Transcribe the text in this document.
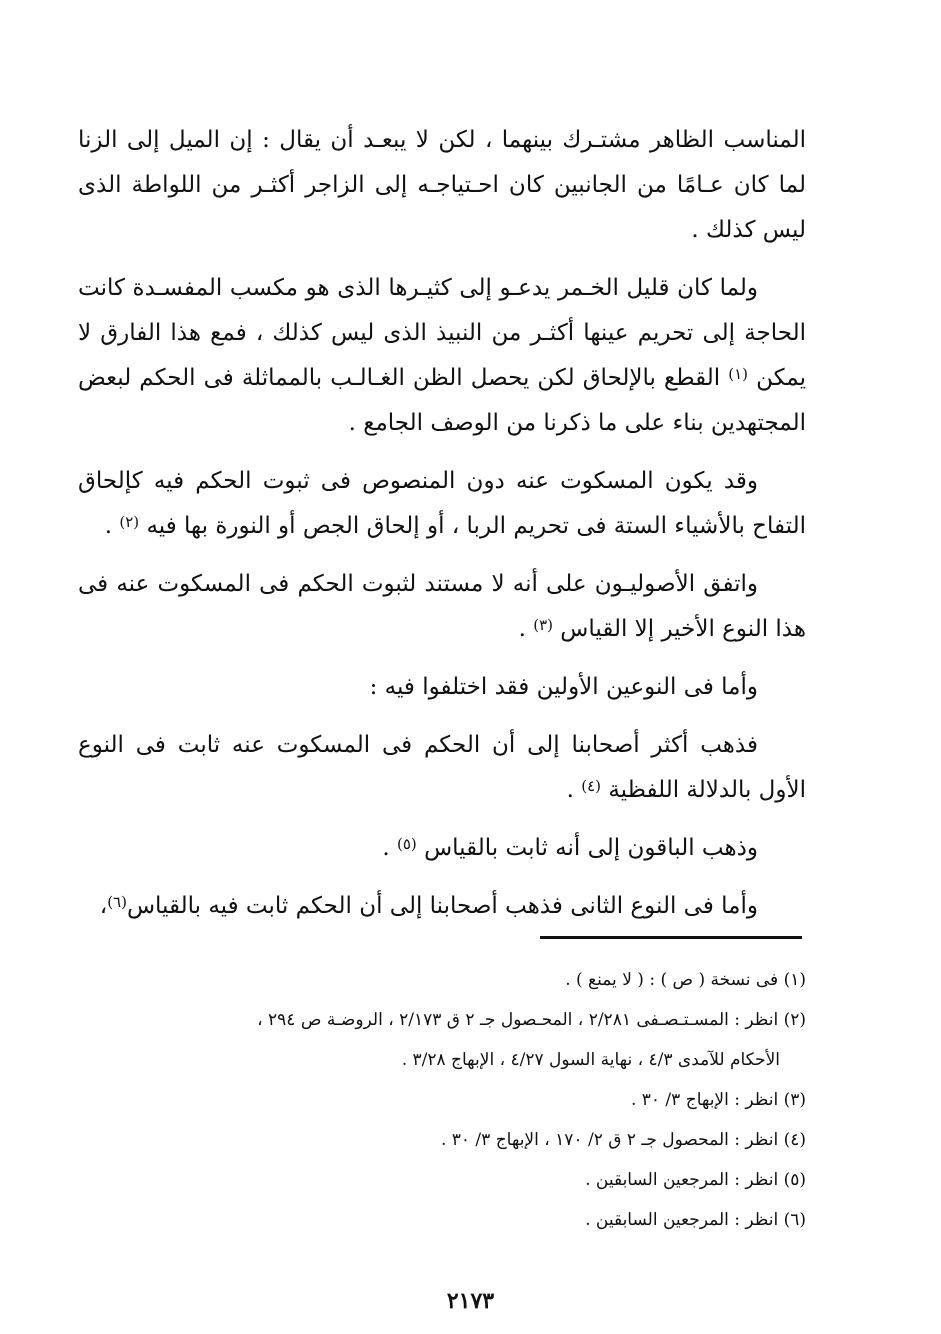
المناسب الظاهر مشتـرك بينهما ، لكن لا يبعـد أن يقال : إن الميل إلى الزنا لما كان عـامًا من الجانبين كان احـتياجـه إلى الزاجر أكثـر من اللواطة الذى ليس كذلك .

ولما كان قليل الخـمر يدعـو إلى كثيـرها الذى هو مكسب المفسـدة كانت الحاجة إلى تحريم عينها أكثـر من النبيذ الذى ليس كذلك ، فمع هذا الفارق لا يمكن $^{(١)}$ القطع بالإلحاق لكن يحصل الظن الغـالـب بالمماثلة فى الحكم لبعض المجتهدين بناء على ما ذكرنا من الوصف الجامع .

وقد يكون المسكوت عنه دون المنصوص فى ثبوت الحكم فيه كإلحاق التفاح بالأشياء الستة فى تحريم الربا ، أو إلحاق الجص أو النورة بها فيه $^{(٢)}$ .

واتفق الأصوليـون على أنه لا مستند لثبوت الحكم فى المسكوت عنه فى هذا النوع الأخير إلا القياس $^{(٣)}$ .

وأما فى النوعين الأولين فقد اختلفوا فيه :

فذهب أكثر أصحابنا إلى أن الحكم فى المسكوت عنه ثابت فى النوع الأول بالدلالة اللفظية $^{(٤)}$ .

وذهب الباقون إلى أنه ثابت بالقياس $^{(٥)}$ .

وأما فى النوع الثانى فذهب أصحابنا إلى أن الحكم ثابت فيه بالقياس$^{(٦)}$،

(١) فى نسخة ( ص ) : ( لا يمنع ) .

(٢) انظر : المسـتـصـفى ٢/٢٨١ ، المحـصول جـ ٢ ق ٢/١٧٣ ، الروضـة ص ٢٩٤ ،

الأحكام للآمدى ٤/٣ ، نهاية السول ٤/٢٧ ، الإبهاج ٣/٢٨ .

(٣) انظر : الإبهاج ٣/ ٣٠ .

(٤) انظر : المحصول جـ ٢ ق ٢/ ١٧٠ ، الإبهاج ٣/ ٣٠ .

(٥) انظر : المرجعين السابقين .

(٦) انظر : المرجعين السابقين .

٢١٧٣
